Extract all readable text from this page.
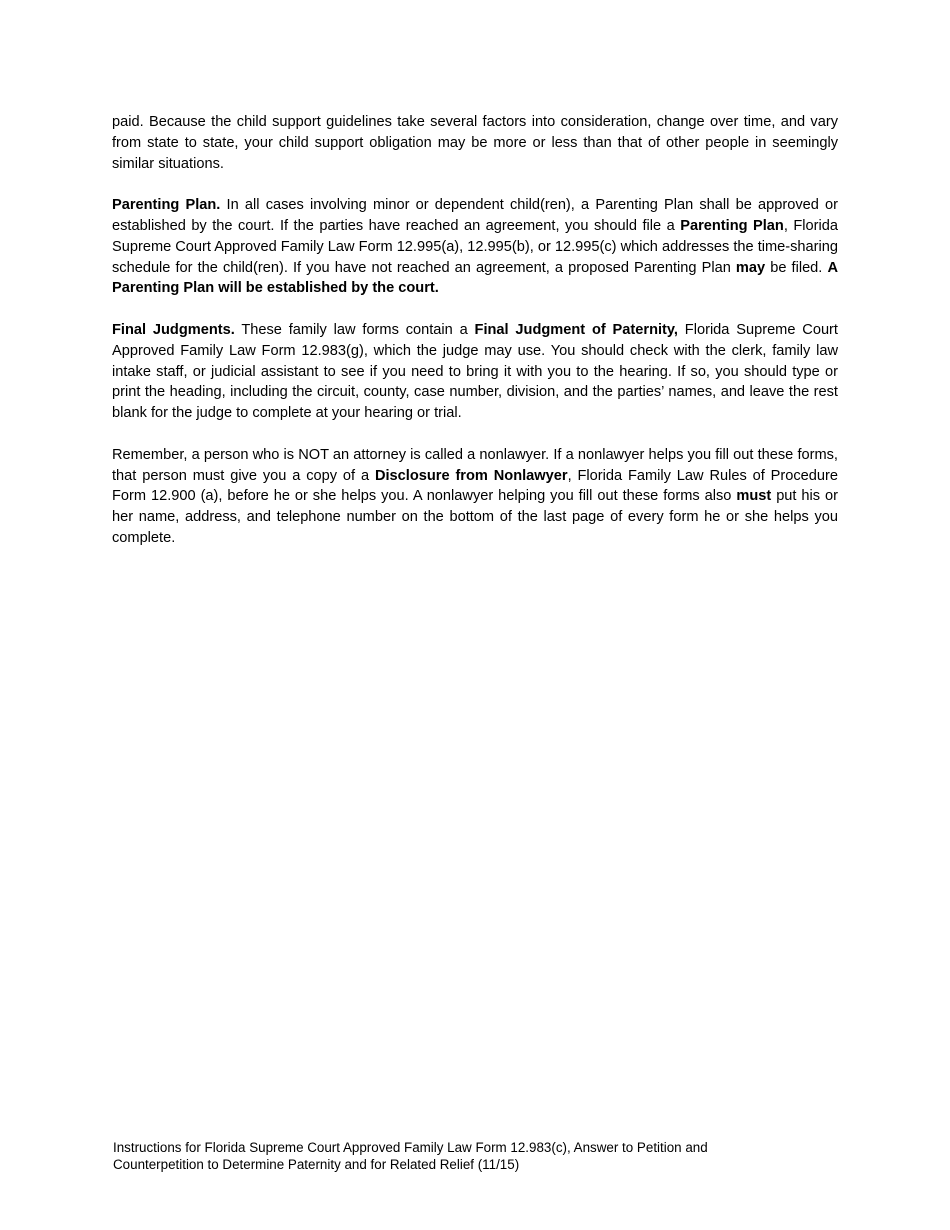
paid. Because the child support guidelines take several factors into consideration, change over time, and vary from state to state, your child support obligation may be more or less than that of other people in seemingly similar situations.

Parenting Plan. In all cases involving minor or dependent child(ren), a Parenting Plan shall be approved or established by the court. If the parties have reached an agreement, you should file a Parenting Plan, Florida Supreme Court Approved Family Law Form 12.995(a), 12.995(b), or 12.995(c) which addresses the time-sharing schedule for the child(ren). If you have not reached an agreement, a proposed Parenting Plan may be filed. A Parenting Plan will be established by the court.

Final Judgments. These family law forms contain a Final Judgment of Paternity, Florida Supreme Court Approved Family Law Form 12.983(g), which the judge may use. You should check with the clerk, family law intake staff, or judicial assistant to see if you need to bring it with you to the hearing. If so, you should type or print the heading, including the circuit, county, case number, division, and the parties’ names, and leave the rest blank for the judge to complete at your hearing or trial.

Remember, a person who is NOT an attorney is called a nonlawyer. If a nonlawyer helps you fill out these forms, that person must give you a copy of a Disclosure from Nonlawyer, Florida Family Law Rules of Procedure Form 12.900 (a), before he or she helps you. A nonlawyer helping you fill out these forms also must put his or her name, address, and telephone number on the bottom of the last page of every form he or she helps you complete.

Instructions for Florida Supreme Court Approved Family Law Form 12.983(c), Answer to Petition and
Counterpetition to Determine Paternity and for Related Relief (11/15)
